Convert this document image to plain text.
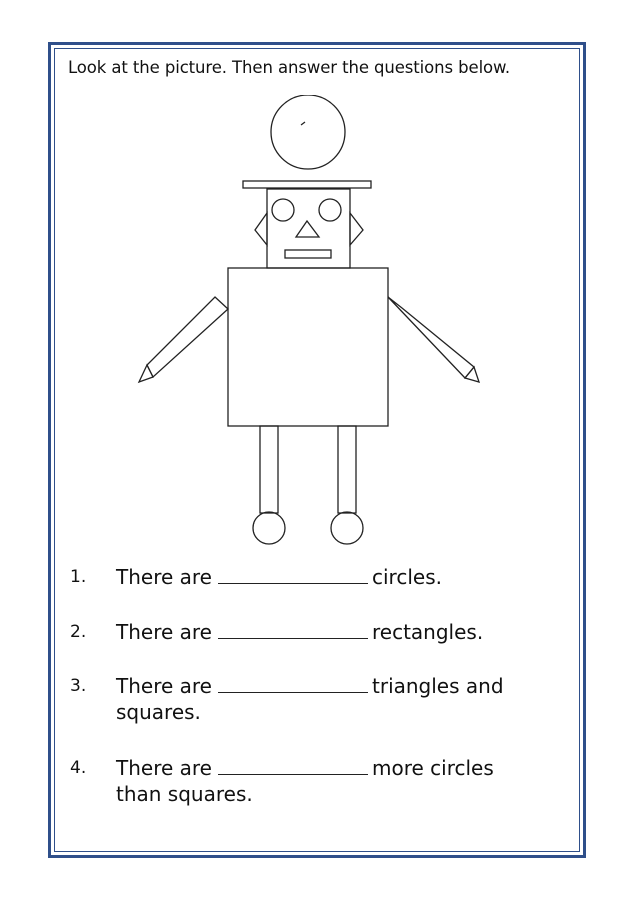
Look at the picture. Then answer the questions below.
1.	There are	circles.
2.	There are	rectangles.
3.	There are	triangles and
squares.
4.	There are	more circles
than squares.
